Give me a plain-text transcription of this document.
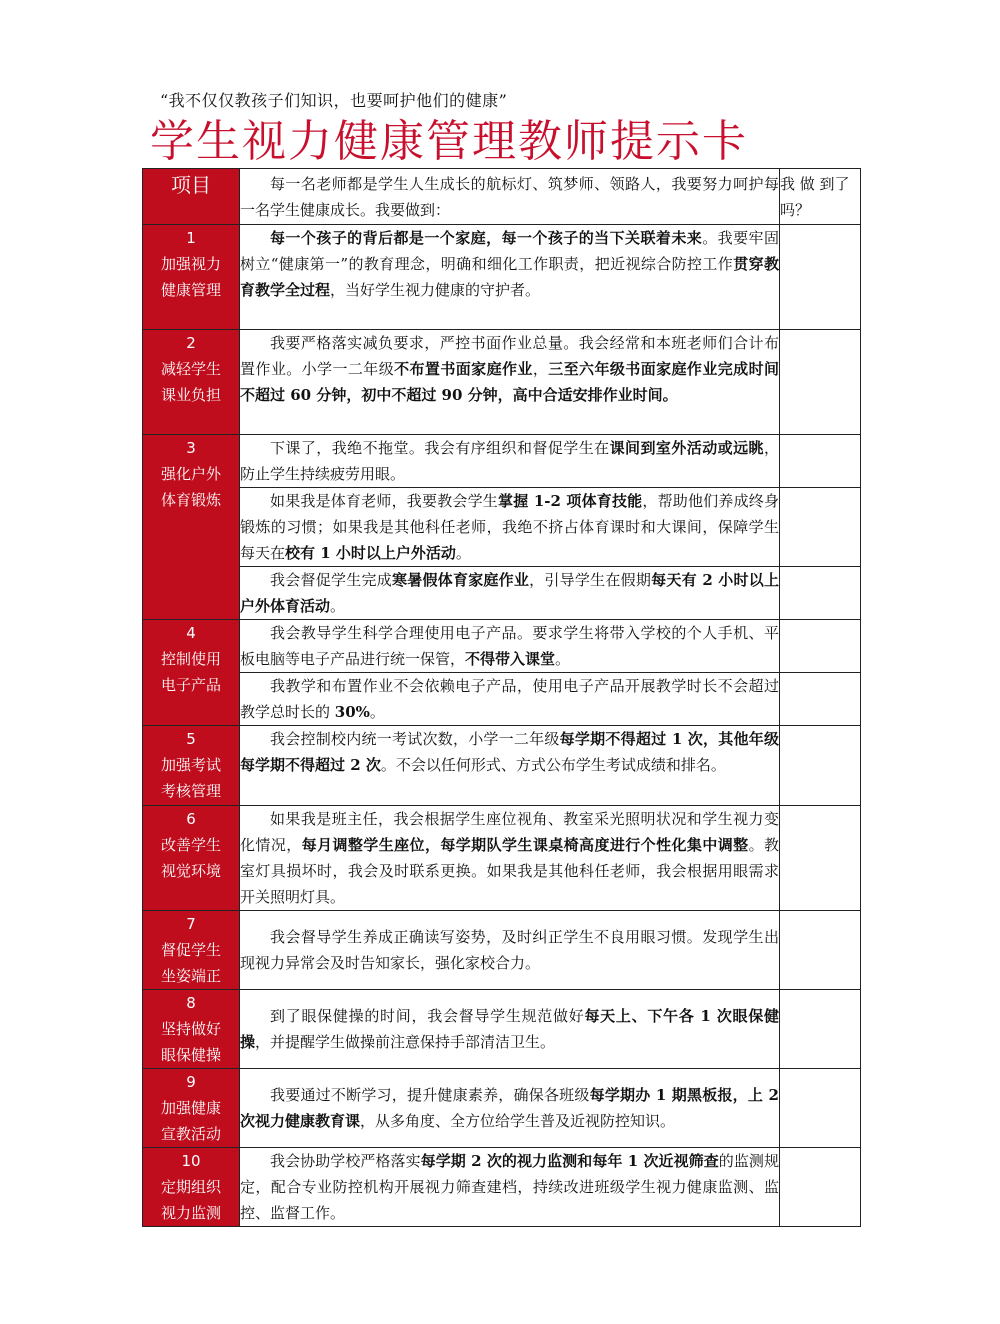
“我不仅仅教孩子们知识，也要呵护他们的健康”
学生视力健康管理教师提示卡
项目	每一名老师都是学生人生成长的航标灯、筑梦师、领路人，我要努力呵护每一名学生健康成长。我要做到：	我 做 到了吗？

1
加强视力
健康管理	每一个孩子的背后都是一个家庭，每一个孩子的当下关联着未来。我要牢固树立“健康第一”的教育理念，明确和细化工作职责，把近视综合防控工作贯穿教育教学全过程，当好学生视力健康的守护者。	

2
减轻学生
课业负担	我要严格落实减负要求，严控书面作业总量。我会经常和本班老师们合计布置作业。小学一二年级不布置书面家庭作业，三至六年级书面家庭作业完成时间不超过 60 分钟，初中不超过 90 分钟，高中合适安排作业时间。	

3
强化户外
体育锻炼	下课了，我绝不拖堂。我会有序组织和督促学生在课间到室外活动或远眺，防止学生持续疲劳用眼。	
	如果我是体育老师，我要教会学生掌握 1-2 项体育技能，帮助他们养成终身锻炼的习惯；如果我是其他科任老师，我绝不挤占体育课时和大课间，保障学生每天在校有 1 小时以上户外活动。	
	我会督促学生完成寒暑假体育家庭作业，引导学生在假期每天有 2 小时以上户外体育活动。	

4
控制使用
电子产品	我会教导学生科学合理使用电子产品。要求学生将带入学校的个人手机、平板电脑等电子产品进行统一保管，不得带入课堂。	
	我教学和布置作业不会依赖电子产品，使用电子产品开展教学时长不会超过教学总时长的 30%。	

5
加强考试
考核管理	我会控制校内统一考试次数，小学一二年级每学期不得超过 1 次，其他年级每学期不得超过 2 次。不会以任何形式、方式公布学生考试成绩和排名。	

6
改善学生
视觉环境	如果我是班主任，我会根据学生座位视角、教室采光照明状况和学生视力变化情况，每月调整学生座位，每学期队学生课桌椅高度进行个性化集中调整。教室灯具损坏时，我会及时联系更换。如果我是其他科任老师，我会根据用眼需求开关照明灯具。	

7
督促学生
坐姿端正	我会督导学生养成正确读写姿势，及时纠正学生不良用眼习惯。发现学生出现视力异常会及时告知家长，强化家校合力。	

8
坚持做好
眼保健操	到了眼保健操的时间，我会督导学生规范做好每天上、下午各 1 次眼保健操，并提醒学生做操前注意保持手部清洁卫生。	

9
加强健康
宣教活动	我要通过不断学习，提升健康素养，确保各班级每学期办 1 期黑板报，上 2 次视力健康教育课，从多角度、全方位给学生普及近视防控知识。	

10
定期组织
视力监测	我会协助学校严格落实每学期 2 次的视力监测和每年 1 次近视筛查的监测规定，配合专业防控机构开展视力筛查建档，持续改进班级学生视力健康监测、监控、监督工作。	
